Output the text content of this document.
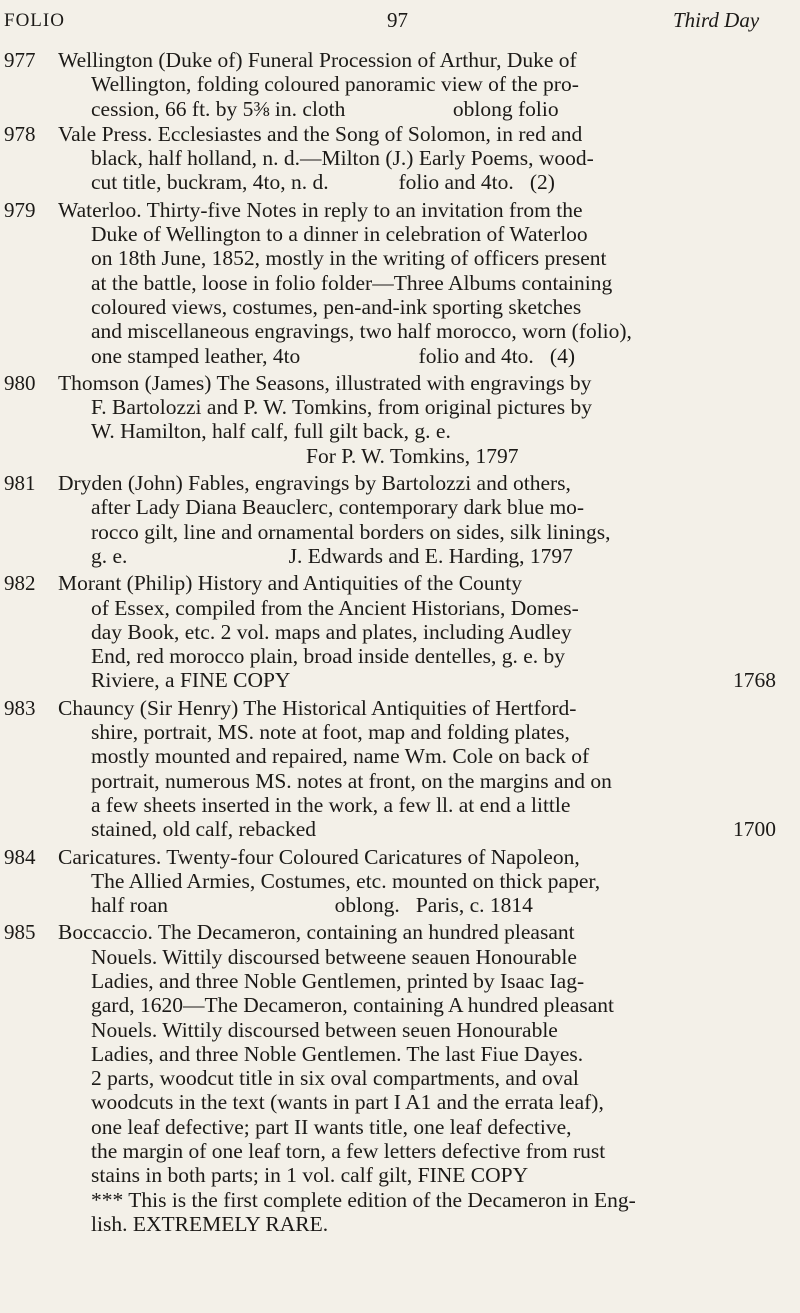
FOLIO	97	Third Day
977	Wellington (Duke of) Funeral Procession of Arthur, Duke of
Wellington, folding coloured panoramic view of the pro-
cession, 66 ft. by 5⅜ in. cloth                    oblong folio
978	Vale Press. Ecclesiastes and the Song of Solomon, in red and
black, half holland, n. d.—Milton (J.) Early Poems, wood-
cut title, buckram, 4to, n. d.             folio and 4to.   (2)
979	Waterloo. Thirty-five Notes in reply to an invitation from the
Duke of Wellington to a dinner in celebration of Waterloo
on 18th June, 1852, mostly in the writing of officers present
at the battle, loose in folio folder—Three Albums containing
coloured views, costumes, pen-and-ink sporting sketches
and miscellaneous engravings, two half morocco, worn (folio),
one stamped leather, 4to                      folio and 4to.   (4)
980	Thomson (James) The Seasons, illustrated with engravings by
F. Bartolozzi and P. W. Tomkins, from original pictures by
W. Hamilton, half calf, full gilt back, g. e.
For P. W. Tomkins, 1797
981	Dryden (John) Fables, engravings by Bartolozzi and others,
after Lady Diana Beauclerc, contemporary dark blue mo-
rocco gilt, line and ornamental borders on sides, silk linings,
g. e.                              J. Edwards and E. Harding, 1797
982	Morant (Philip) History and Antiquities of the County
of Essex, compiled from the Ancient Historians, Domes-
day Book, etc. 2 vol. maps and plates, including Audley
End, red morocco plain, broad inside dentelles, g. e. by
Riviere, a FINE COPY	1768
983	Chauncy (Sir Henry) The Historical Antiquities of Hertford-
shire, portrait, MS. note at foot, map and folding plates,
mostly mounted and repaired, name Wm. Cole on back of
portrait, numerous MS. notes at front, on the margins and on
a few sheets inserted in the work, a few ll. at end a little
stained, old calf, rebacked	1700
984	Caricatures. Twenty-four Coloured Caricatures of Napoleon,
The Allied Armies, Costumes, etc. mounted on thick paper,
half roan                               oblong.   Paris, c. 1814
985	Boccaccio. The Decameron, containing an hundred pleasant
Nouels. Wittily discoursed betweene seauen Honourable
Ladies, and three Noble Gentlemen, printed by Isaac Iag-
gard, 1620—The Decameron, containing A hundred pleasant
Nouels. Wittily discoursed between seuen Honourable
Ladies, and three Noble Gentlemen. The last Fiue Dayes.
2 parts, woodcut title in six oval compartments, and oval
woodcuts in the text (wants in part I A1 and the errata leaf),
one leaf defective; part II wants title, one leaf defective,
the margin of one leaf torn, a few letters defective from rust
stains in both parts; in 1 vol. calf gilt, FINE COPY
*** This is the first complete edition of the Decameron in Eng-
lish. EXTREMELY RARE.
